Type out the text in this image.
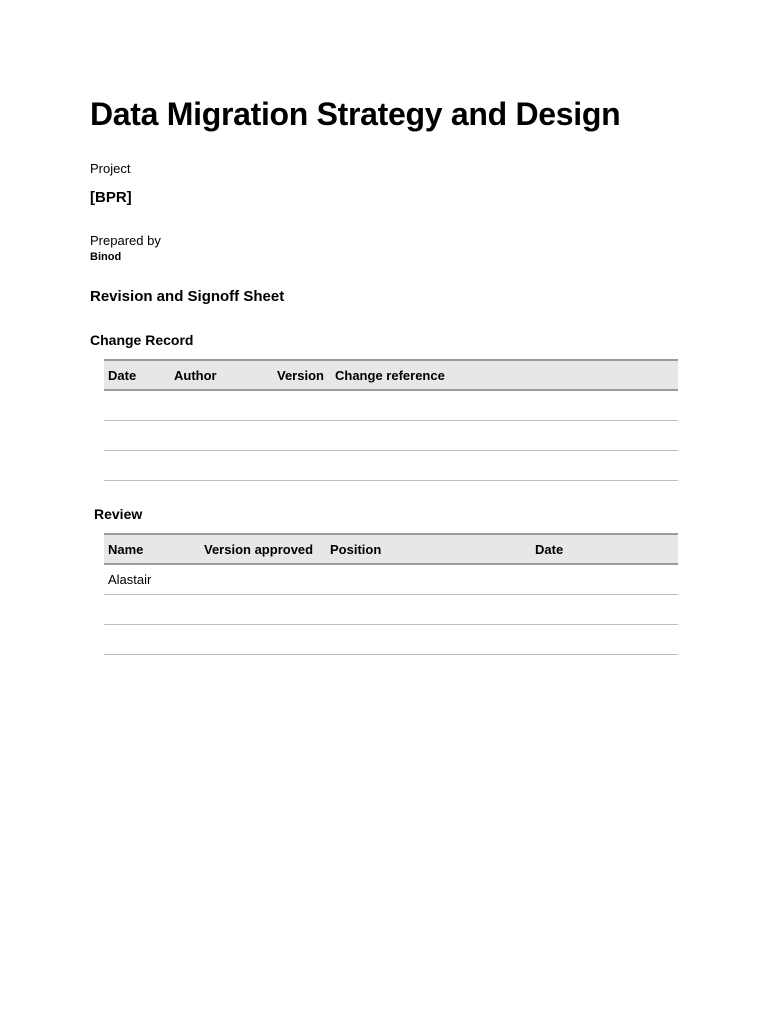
Data Migration Strategy and Design
Project
[BPR]
Prepared by
Binod
Revision and Signoff Sheet
Change Record
Date	Author	Version	Change reference

Review
Name	Version approved	Position	Date
Alastair			
